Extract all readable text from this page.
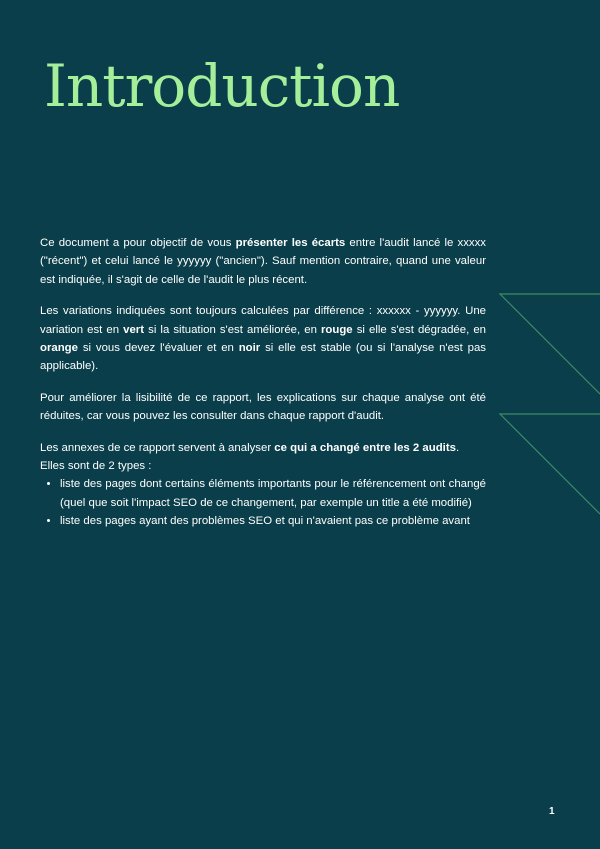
Introduction

Ce document a pour objectif de vous présenter les écarts entre l'audit lancé le xxxxx ("récent") et celui lancé le yyyyyy ("ancien"). Sauf mention contraire, quand une valeur est indiquée, il s'agit de celle de l'audit le plus récent.

Les variations indiquées sont toujours calculées par différence : xxxxxx - yyyyyy. Une variation est en vert si la situation s'est améliorée, en rouge si elle s'est dégradée, en orange si vous devez l'évaluer et en noir si elle est stable (ou si l'analyse n'est pas applicable).

Pour améliorer la lisibilité de ce rapport, les explications sur chaque analyse ont été réduites, car vous pouvez les consulter dans chaque rapport d'audit.

Les annexes de ce rapport servent à analyser ce qui a changé entre les 2 audits.
Elles sont de 2 types :
• liste des pages dont certains éléments importants pour le référencement ont changé (quel que soit l'impact SEO de ce changement, par exemple un title a été modifié)
• liste des pages ayant des problèmes SEO et qui n'avaient pas ce problème avant
1
